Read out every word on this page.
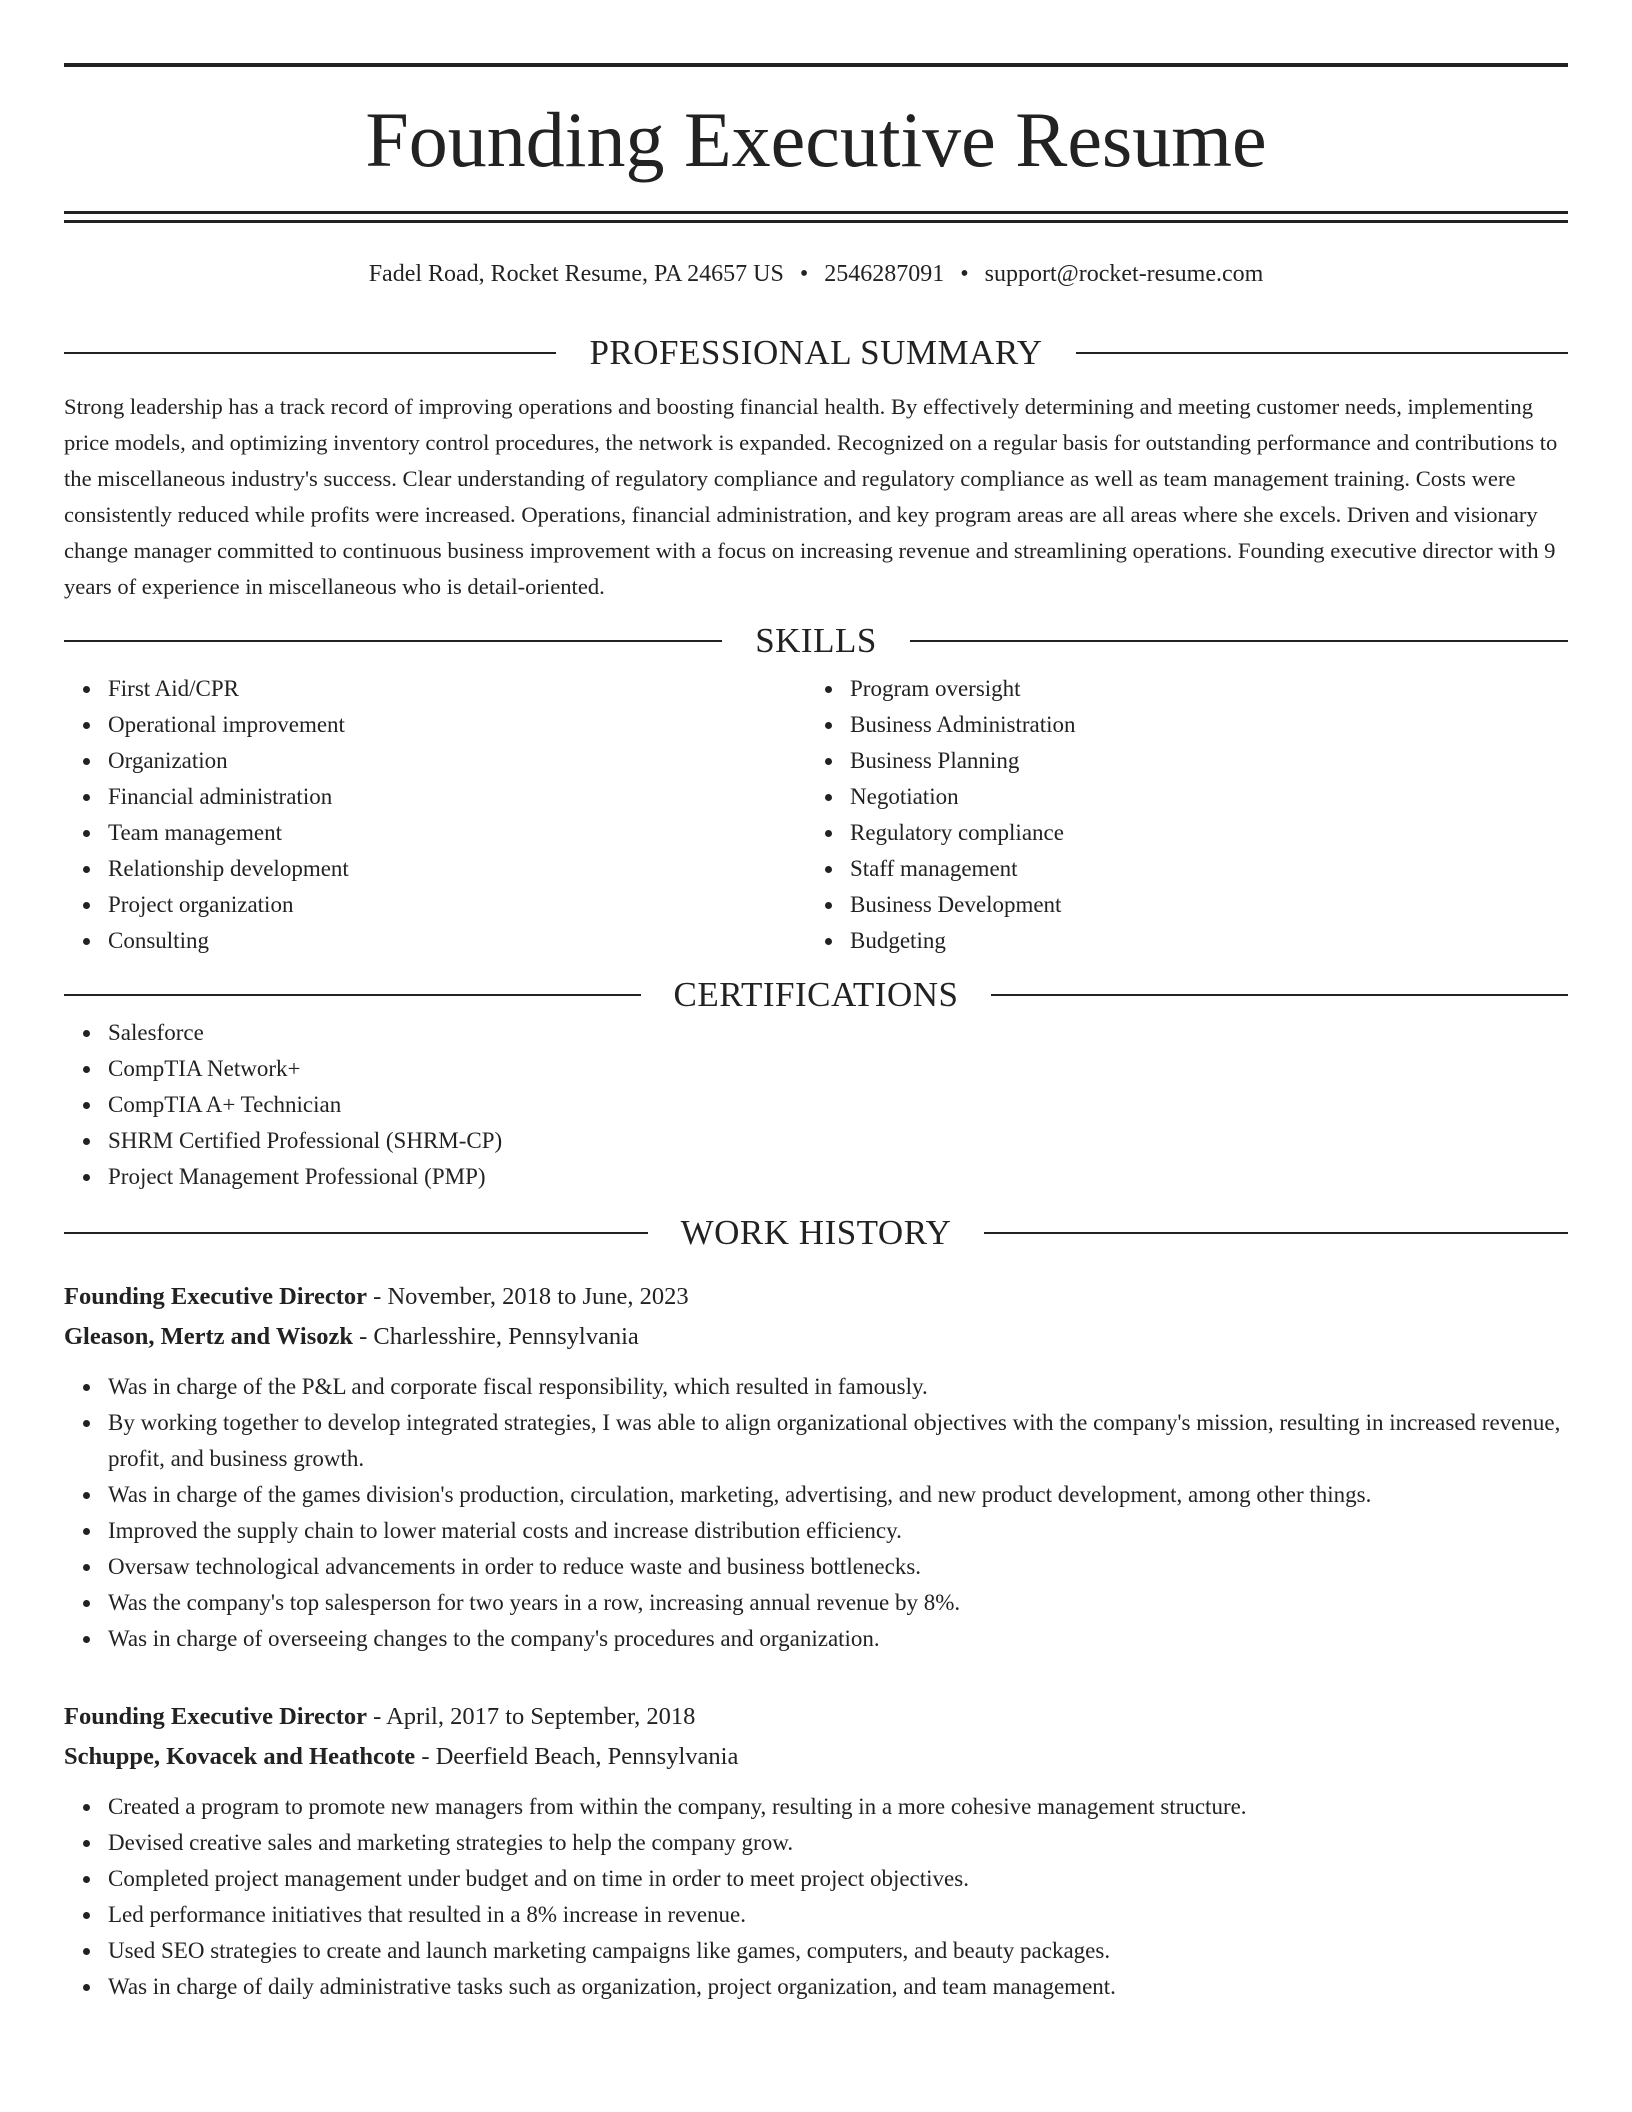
Founding Executive Resume
Fadel Road, Rocket Resume, PA 24657 US • 2546287091 • support@rocket-resume.com
PROFESSIONAL SUMMARY

Strong leadership has a track record of improving operations and boosting financial health. By effectively determining and meeting customer needs, implementing price models, and optimizing inventory control procedures, the network is expanded. Recognized on a regular basis for outstanding performance and contributions to the miscellaneous industry's success. Clear understanding of regulatory compliance and regulatory compliance as well as team management training. Costs were consistently reduced while profits were increased. Operations, financial administration, and key program areas are all areas where she excels. Driven and visionary change manager committed to continuous business improvement with a focus on increasing revenue and streamlining operations. Founding executive director with 9 years of experience in miscellaneous who is detail-oriented.

SKILLS
First Aid/CPR
Operational improvement
Organization
Financial administration
Team management
Relationship development
Project organization
Consulting
Program oversight
Business Administration
Business Planning
Negotiation
Regulatory compliance
Staff management
Business Development
Budgeting
CERTIFICATIONS
Salesforce
CompTIA Network+
CompTIA A+ Technician
SHRM Certified Professional (SHRM-CP)
Project Management Professional (PMP)
WORK HISTORY
Founding Executive Director - November, 2018 to June, 2023
Gleason, Mertz and Wisozk - Charlesshire, Pennsylvania
Was in charge of the P&L and corporate fiscal responsibility, which resulted in famously.
By working together to develop integrated strategies, I was able to align organizational objectives with the company's mission, resulting in increased revenue, profit, and business growth.
Was in charge of the games division's production, circulation, marketing, advertising, and new product development, among other things.
Improved the supply chain to lower material costs and increase distribution efficiency.
Oversaw technological advancements in order to reduce waste and business bottlenecks.
Was the company's top salesperson for two years in a row, increasing annual revenue by 8%.
Was in charge of overseeing changes to the company's procedures and organization.
Founding Executive Director - April, 2017 to September, 2018
Schuppe, Kovacek and Heathcote - Deerfield Beach, Pennsylvania
Created a program to promote new managers from within the company, resulting in a more cohesive management structure.
Devised creative sales and marketing strategies to help the company grow.
Completed project management under budget and on time in order to meet project objectives.
Led performance initiatives that resulted in a 8% increase in revenue.
Used SEO strategies to create and launch marketing campaigns like games, computers, and beauty packages.
Was in charge of daily administrative tasks such as organization, project organization, and team management.
